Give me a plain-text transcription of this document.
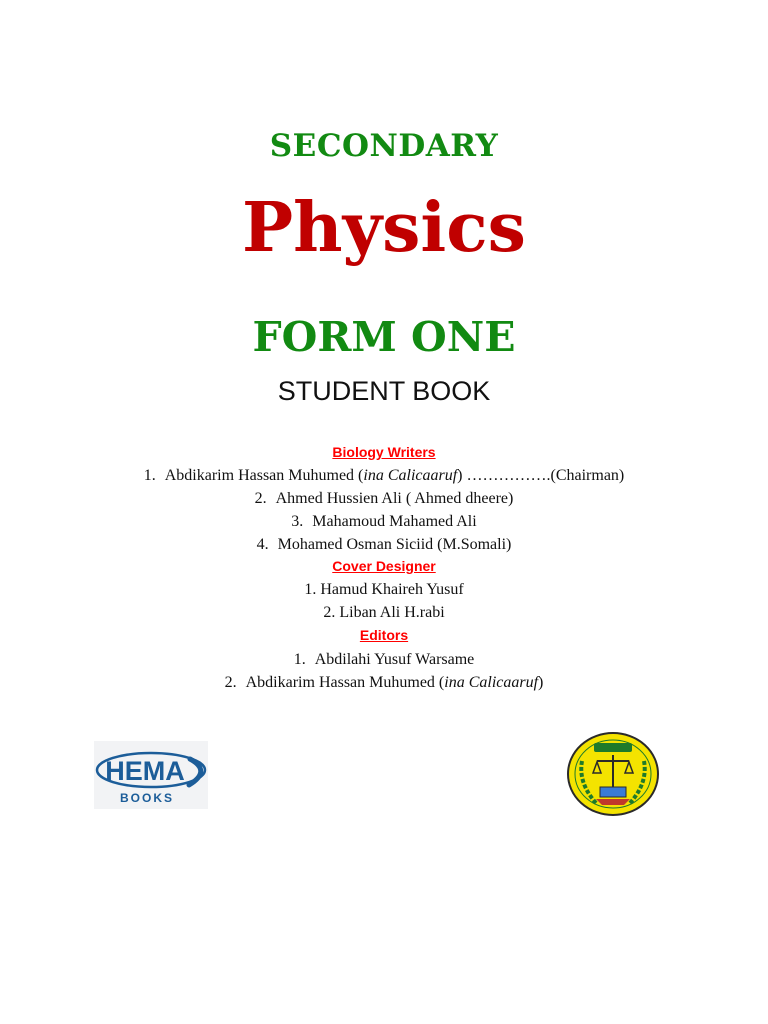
SECONDARY
Physics
FORM ONE
STUDENT BOOK
Biology Writers
1. Abdikarim Hassan Muhumed (ina Calicaaruf) …………….(Chairman)
2. Ahmed Hussien Ali ( Ahmed dheere)
3. Mahamoud Mahamed Ali
4. Mohamed Osman Siciid (M.Somali)
Cover Designer
1. Hamud Khaireh Yusuf
2. Liban Ali H.rabi
Editors
1. Abdilahi Yusuf Warsame
2. Abdikarim Hassan Muhumed (ina Calicaaruf)
HEMA
BOOKS
